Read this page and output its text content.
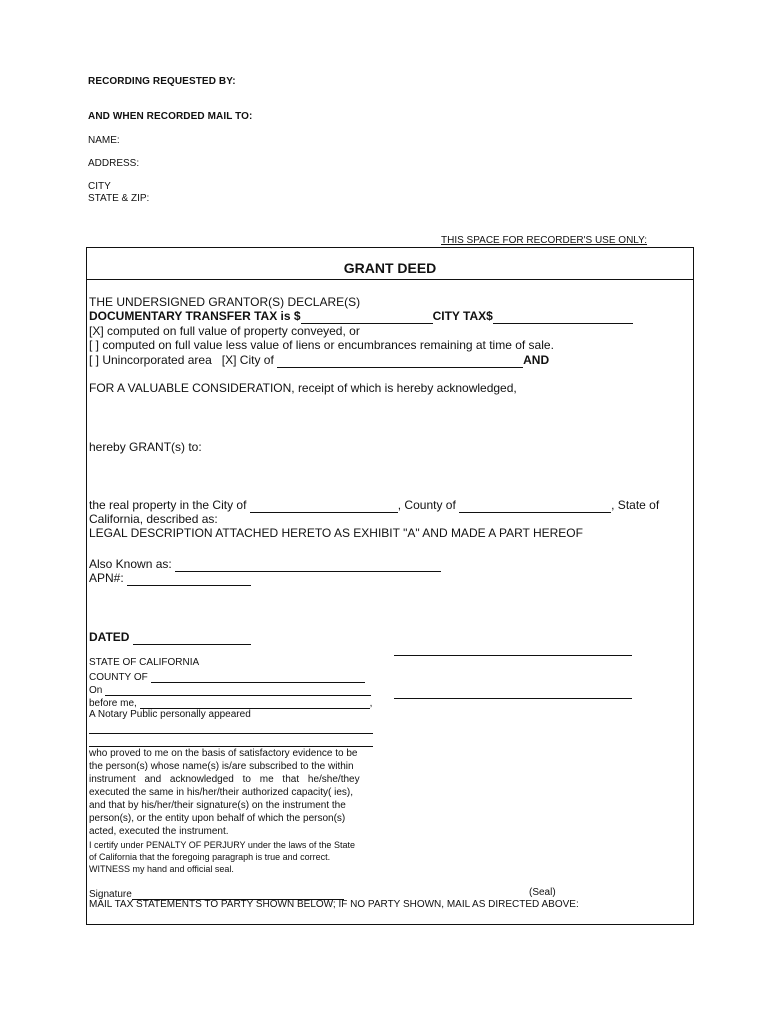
RECORDING REQUESTED BY:
AND WHEN RECORDED MAIL TO:
NAME:
ADDRESS:
CITY
STATE & ZIP:
THIS SPACE FOR RECORDER'S USE ONLY:
GRANT DEED
THE UNDERSIGNED GRANTOR(S) DECLARE(S)
DOCUMENTARY TRANSFER TAX is $	CITY TAX$
[X] computed on full value of property conveyed, or
[ ] computed on full value less value of liens or encumbrances remaining at time of sale.
[ ] Unincorporated area [X] City of	AND
FOR A VALUABLE CONSIDERATION, receipt of which is hereby acknowledged,
hereby GRANT(s) to:
the real property in the City of	, County of	, State of
California, described as:
LEGAL DESCRIPTION ATTACHED HERETO AS EXHIBIT "A" AND MADE A PART HEREOF
Also Known as:
APN#:
DATED
STATE OF CALIFORNIA
COUNTY OF
On
before me,	,
A Notary Public personally appeared
who proved to me on the basis of satisfactory evidence to be
the person(s) whose name(s) is/are subscribed to the within
instrument and acknowledged to me that he/she/they
executed the same in his/her/their authorized capacity( ies),
and that by his/her/their signature(s) on the instrument the
person(s), or the entity upon behalf of which the person(s)
acted, executed the instrument.
I certify under PENALTY OF PERJURY under the laws of the State
of California that the foregoing paragraph is true and correct.
WITNESS my hand and official seal.
Signature	(Seal)
MAIL TAX STATEMENTS TO PARTY SHOWN BELOW; IF NO PARTY SHOWN, MAIL AS DIRECTED ABOVE:
